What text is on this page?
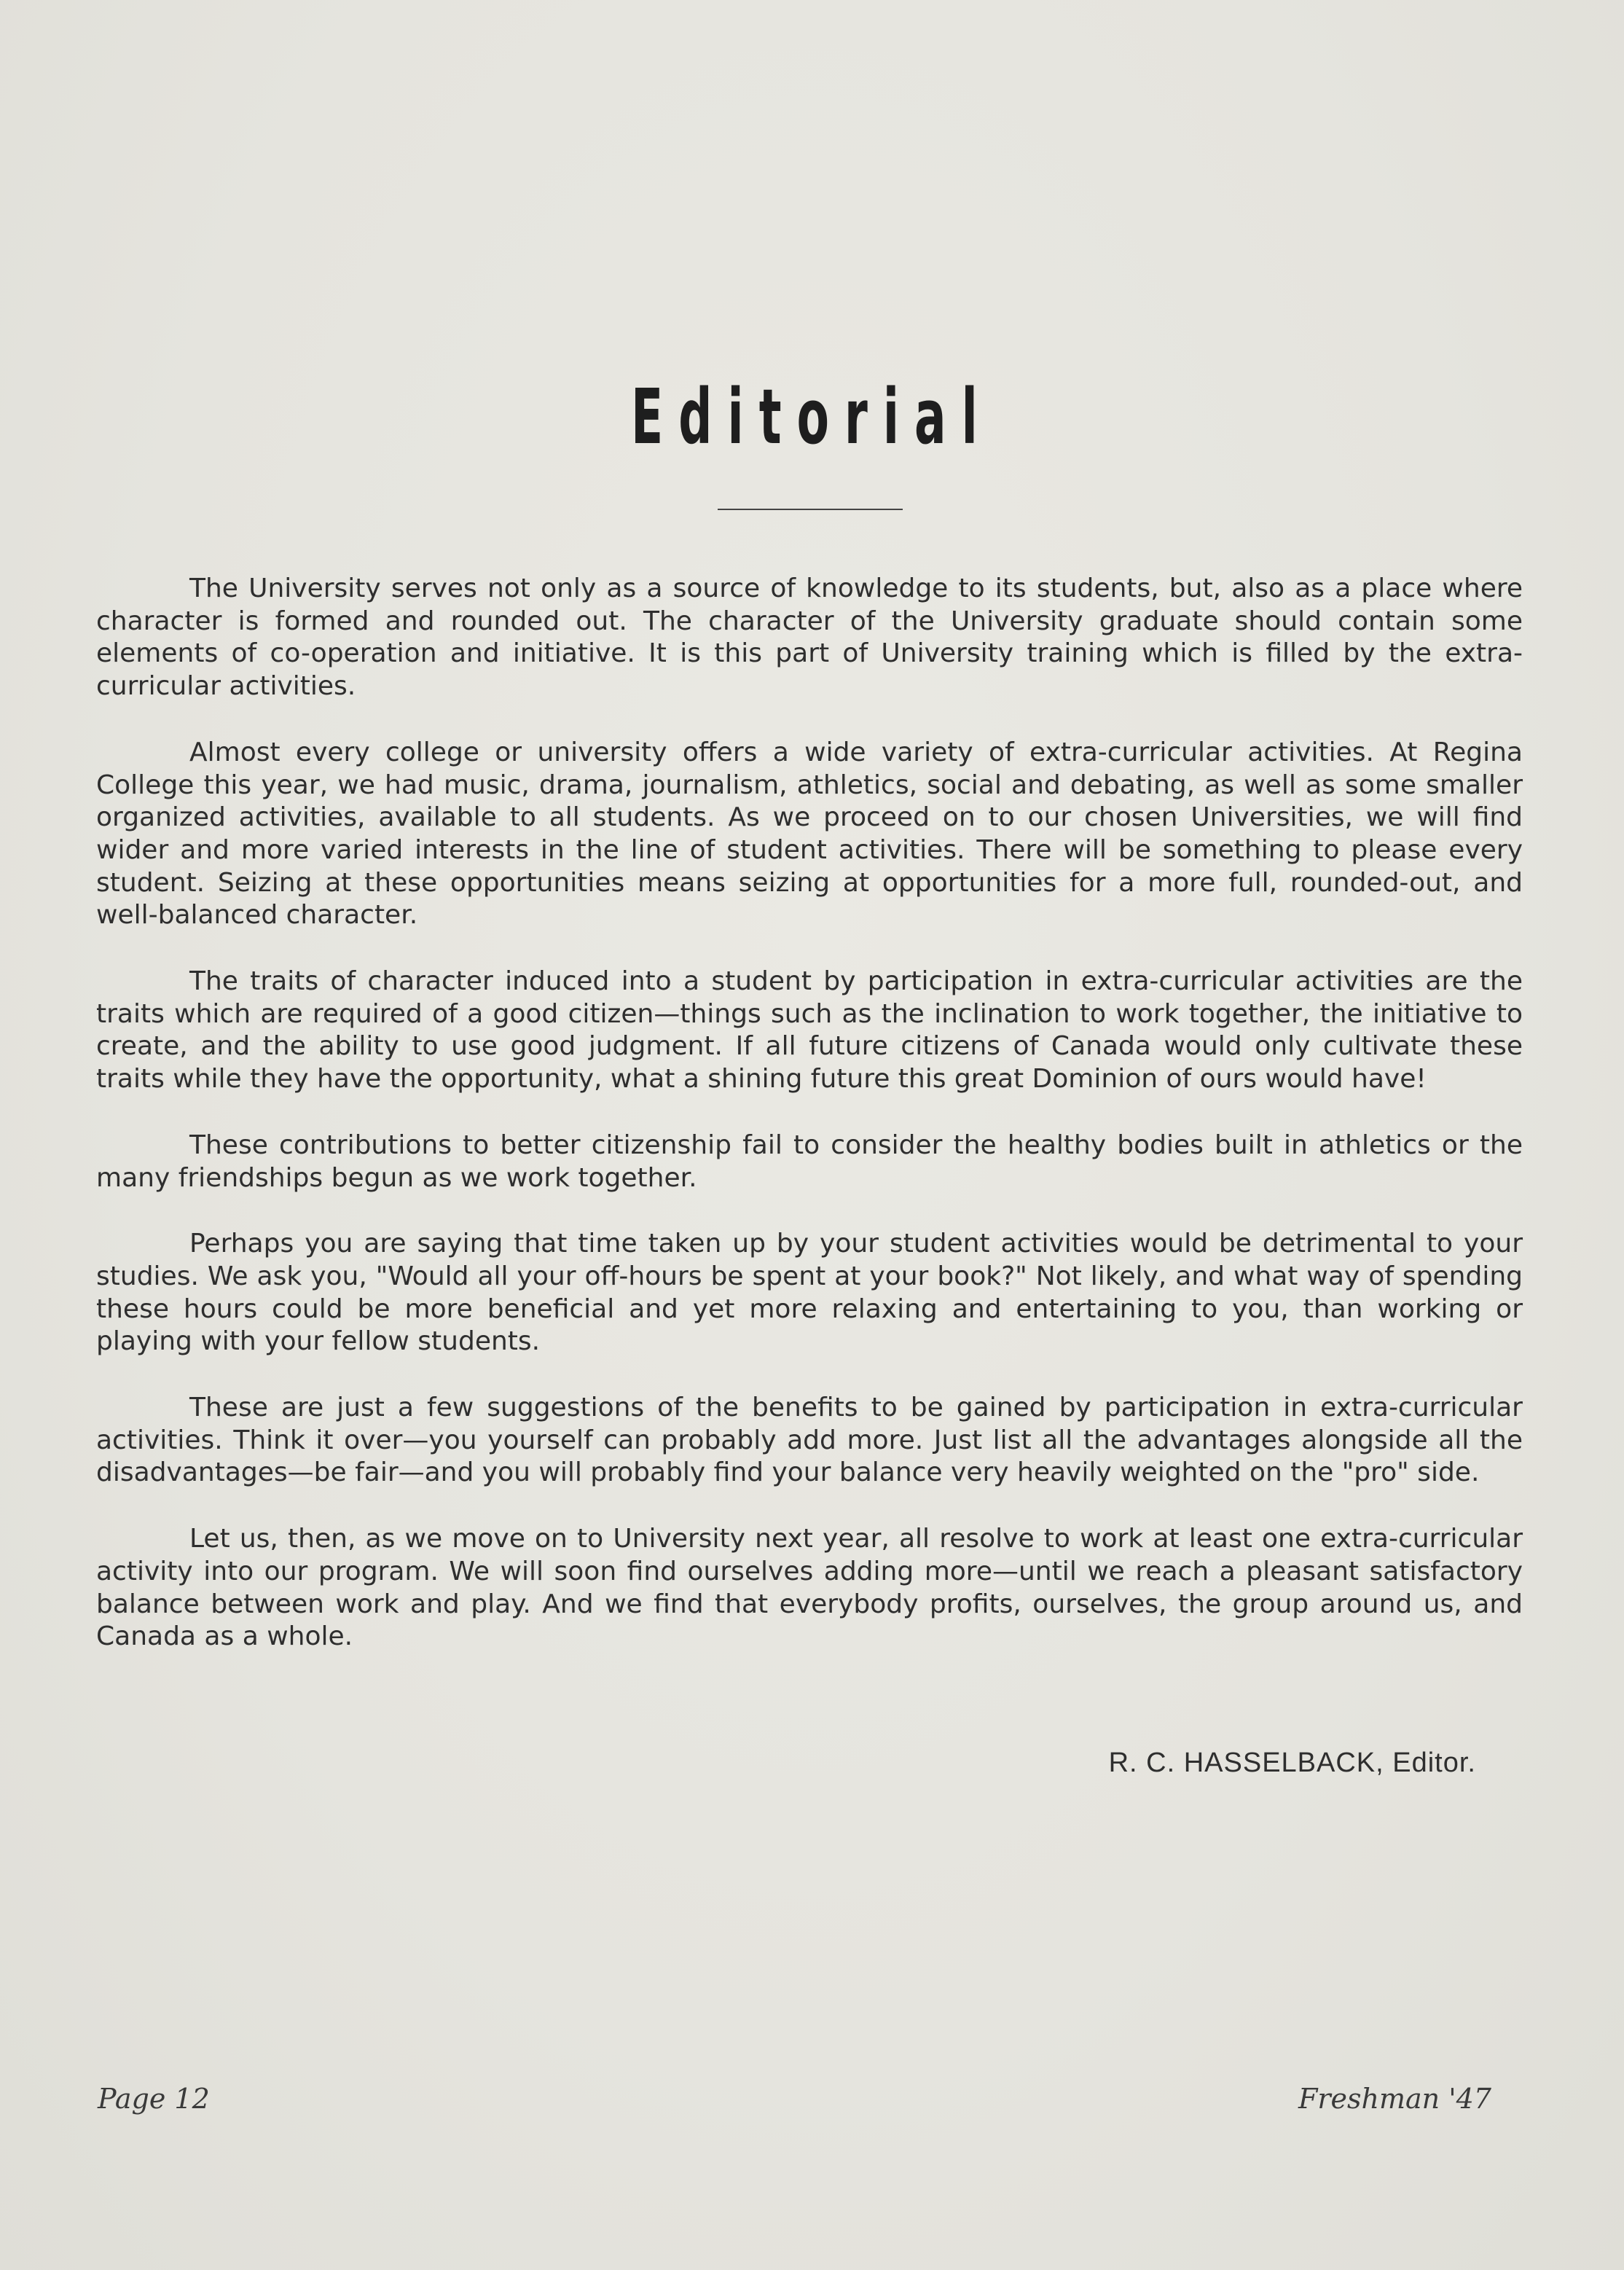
Editorial

The University serves not only as a source of knowledge to its students, but, also as a place where character is formed and rounded out. The character of the University graduate should contain some elements of co-operation and initiative. It is this part of University training which is filled by the extra-curricular activities.

Almost every college or university offers a wide variety of extra-curricular activities. At Regina College this year, we had music, drama, journalism, athletics, social and debating, as well as some smaller organized activities, available to all students. As we proceed on to our chosen Universities, we will find wider and more varied interests in the line of student activities. There will be something to please every student. Seizing at these opportunities means seizing at opportunities for a more full, rounded-out, and well-balanced character.

The traits of character induced into a student by participation in extra-curricular activities are the traits which are required of a good citizen—things such as the inclination to work together, the initiative to create, and the ability to use good judgment. If all future citizens of Canada would only cultivate these traits while they have the opportunity, what a shining future this great Dominion of ours would have!

These contributions to better citizenship fail to consider the healthy bodies built in athletics or the many friendships begun as we work together.

Perhaps you are saying that time taken up by your student activities would be detrimental to your studies. We ask you, "Would all your off-hours be spent at your book?" Not likely, and what way of spending these hours could be more beneficial and yet more relaxing and entertaining to you, than working or playing with your fellow students.

These are just a few suggestions of the benefits to be gained by participation in extra-curricular activities. Think it over—you yourself can probably add more. Just list all the advantages alongside all the disadvantages—be fair—and you will probably find your balance very heavily weighted on the "pro" side.

Let us, then, as we move on to University next year, all resolve to work at least one extra-curricular activity into our program. We will soon find ourselves adding more—until we reach a pleasant satisfactory balance between work and play. And we find that everybody profits, ourselves, the group around us, and Canada as a whole.

R. C. HASSELBACK, Editor.

Page 12	Freshman '47
